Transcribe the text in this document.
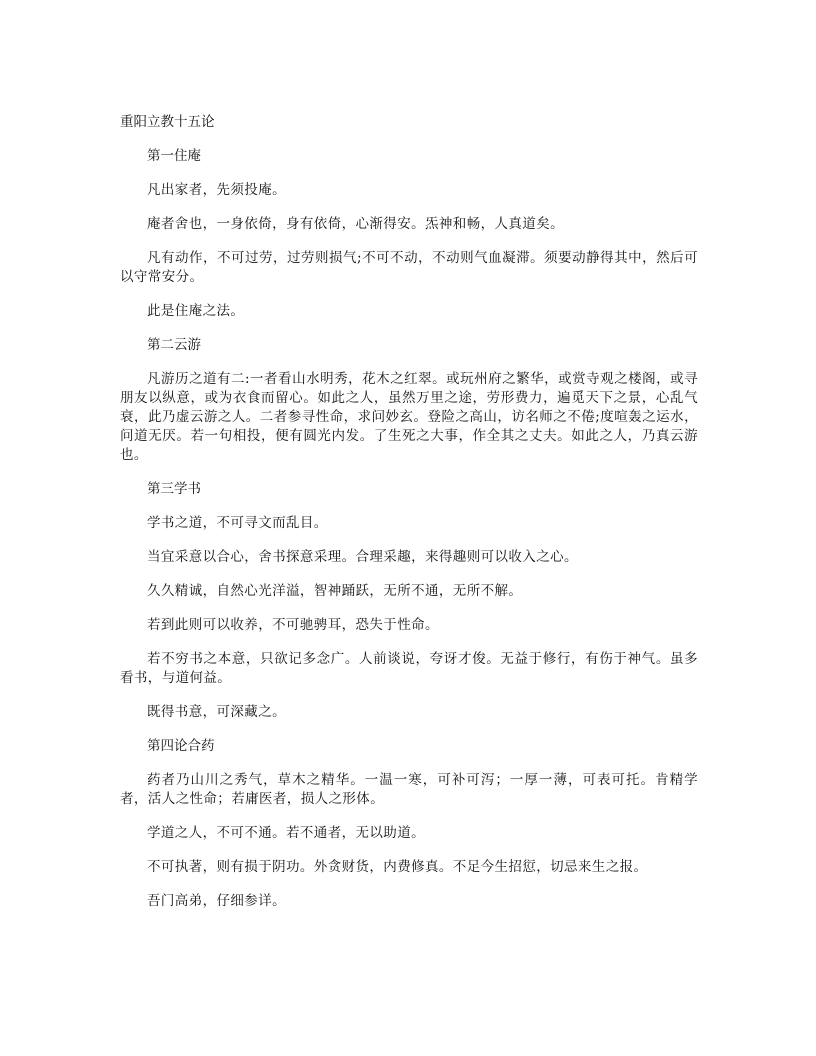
重阳立教十五论
第一住庵

凡出家者，先须投庵。

庵者舍也，一身依倚，身有依倚，心渐得安。炁神和畅，人真道矣。

凡有动作，不可过劳，过劳则损气;不可不动，不动则气血凝滞。须要动静得其中，然后可以守常安分。

此是住庵之法。

第二云游

凡游历之道有二:一者看山水明秀，花木之红翠。或玩州府之繁华，或赏寺观之楼阁，或寻朋友以纵意，或为衣食而留心。如此之人，虽然万里之途，劳形费力，遍觅天下之景，心乱气衰，此乃虚云游之人。二者参寻性命，求问妙玄。登险之高山，访名师之不倦;度喧轰之运水，问道无厌。若一句相投，便有圆光内发。了生死之大事，作全其之丈夫。如此之人，乃真云游也。

第三学书

学书之道，不可寻文而乱目。

当宜采意以合心，舍书探意采理。合理采趣，来得趣则可以收入之心。

久久精诚，自然心光洋溢，智神踊跃，无所不通，无所不解。

若到此则可以收养，不可驰骋耳，恐失于性命。

若不穷书之本意，只欲记多念广。人前谈说，夸讶才俊。无益于修行，有伤于神气。虽多看书，与道何益。

既得书意，可深藏之。

第四论合药

药者乃山川之秀气，草木之精华。一温一寒，可补可泻；一厚一薄，可表可托。肯精学者，活人之性命；若庸医者，损人之形体。

学道之人，不可不通。若不通者，无以助道。

不可执著，则有损于阴功。外贪财货，内费修真。不足今生招愆，切忌来生之报。

吾门高弟，仔细参详。
